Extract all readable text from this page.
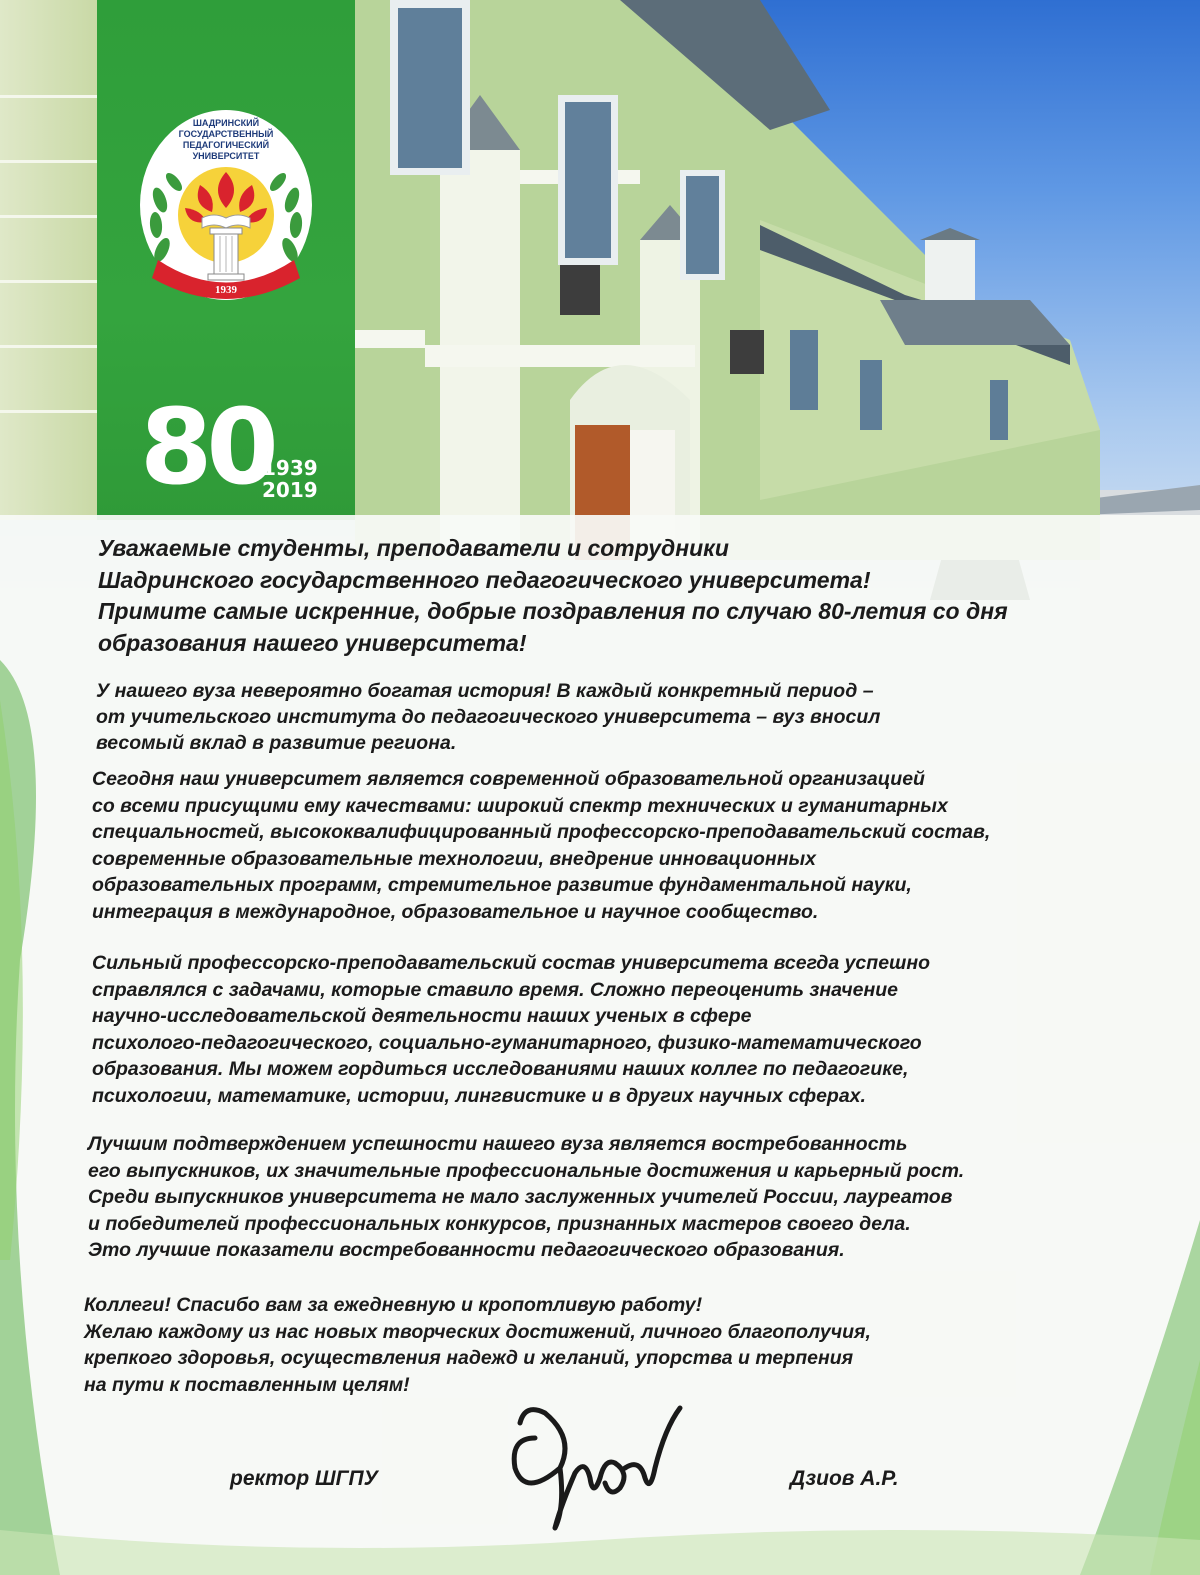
ШАДРИНСКИЙ
ГОСУДАРСТВЕННЫЙ
ПЕДАГОГИЧЕСКИЙ
УНИВЕРСИТЕТ
1939
80
1939
2019

Уважаемые студенты, преподаватели и сотрудники
Шадринского государственного педагогического университета!
Примите самые искренние, добрые поздравления по случаю 80-летия со дня
образования нашего университета!

У нашего вуза невероятно богатая история! В каждый конкретный период –
от учительского института до педагогического университета – вуз вносил
весомый вклад в развитие региона.

Сегодня наш университет является современной образовательной организацией
со всеми присущими ему качествами: широкий спектр технических и гуманитарных
специальностей, высококвалифицированный профессорско-преподавательский состав,
современные образовательные технологии, внедрение инновационных
образовательных программ, стремительное развитие фундаментальной науки,
интеграция в международное, образовательное и научное сообщество.

Сильный профессорско-преподавательский состав университета всегда успешно
справлялся с задачами, которые ставило время. Сложно переоценить значение
научно-исследовательской деятельности наших ученых в сфере
психолого-педагогического, социально-гуманитарного, физико-математического
образования. Мы можем гордиться исследованиями наших коллег по педагогике,
психологии, математике, истории, лингвистике и в других научных сферах.

Лучшим подтверждением успешности нашего вуза является востребованность
его выпускников, их значительные профессиональные достижения и карьерный рост.
Среди выпускников университета не мало заслуженных учителей России, лауреатов
и победителей профессиональных конкурсов, признанных мастеров своего дела.
Это лучшие показатели востребованности педагогического образования.

Коллеги! Спасибо вам за ежедневную и кропотливую работу!
Желаю каждому из нас новых творческих достижений, личного благополучия,
крепкого здоровья, осуществления надежд и желаний, упорства и терпения
на пути к поставленным целям!

ректор ШГПУ	Дзиов А.Р.
